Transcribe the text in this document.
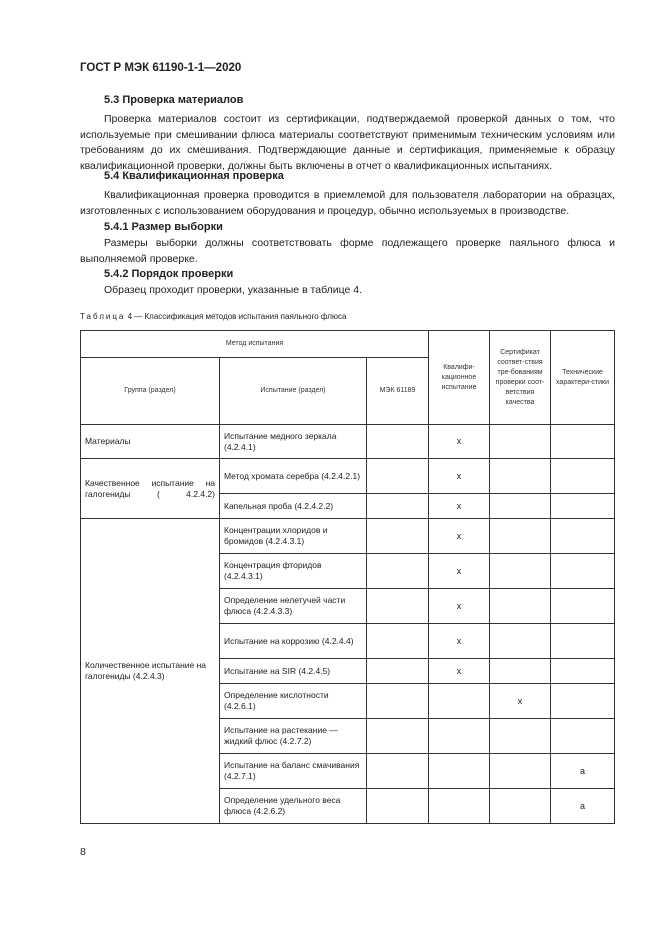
ГОСТ Р МЭК 61190-1-1—2020
5.3 Проверка материалов

Проверка материалов состоит из сертификации, подтверждаемой проверкой данных о том, что используемые при смешивании флюса материалы соответствуют применимым техническим условиям или требованиям до их смешивания. Подтверждающие данные и сертификация, применяемые к образцу квалификационной проверки, должны быть включены в отчет о квалификационных испытаниях.

5.4 Квалификационная проверка

Квалификационная проверка проводится в приемлемой для пользователя лаборатории на образцах, изготовленных с использованием оборудования и процедур, обычно используемых в производстве.

5.4.1 Размер выборки

Размеры выборки должны соответствовать форме подлежащего проверке паяльного флюса и выполняемой проверке.

5.4.2 Порядок проверки

Образец проходит проверки, указанные в таблице 4.

Таблица 4 — Классификация методов испытания паяльного флюса
Метод испытания			Квалифи-кационное испытание	Сертификат соответ-ствия тре-бованиям проверки соот-ветствия качества	Технические характери-стики
Группа (раздел)	Испытание (раздел)	МЭК 61189			
Материалы	Испытание медного зеркала (4.2.4.1)		x		
Качественное испытание на галогениды ( 4.2.4.2)	Метод хромата серебра (4.2.4.2.1)		x		
	Капельная проба (4.2.4.2.2)		x		
Количественное испытание на галогениды (4.2.4.3)	Концентрации хлоридов и бромидов (4.2.4.3.1)		x		
	Концентрация фторидов (4.2.4.3.1)		x		
	Определение нелетучей части флюса (4.2.4.3.3)		x		
	Испытание на коррозию (4.2.4.4)		x		
	Испытание на SIR (4.2.4.5)		x		
	Определение кислотности (4.2.6.1)			x	
	Испытание на растекание — жидкий флюс (4.2.7.2)				
	Испытание на баланс смачивания (4.2.7.1)				a
	Определение удельного веса флюса (4.2.6.2)				a
8
